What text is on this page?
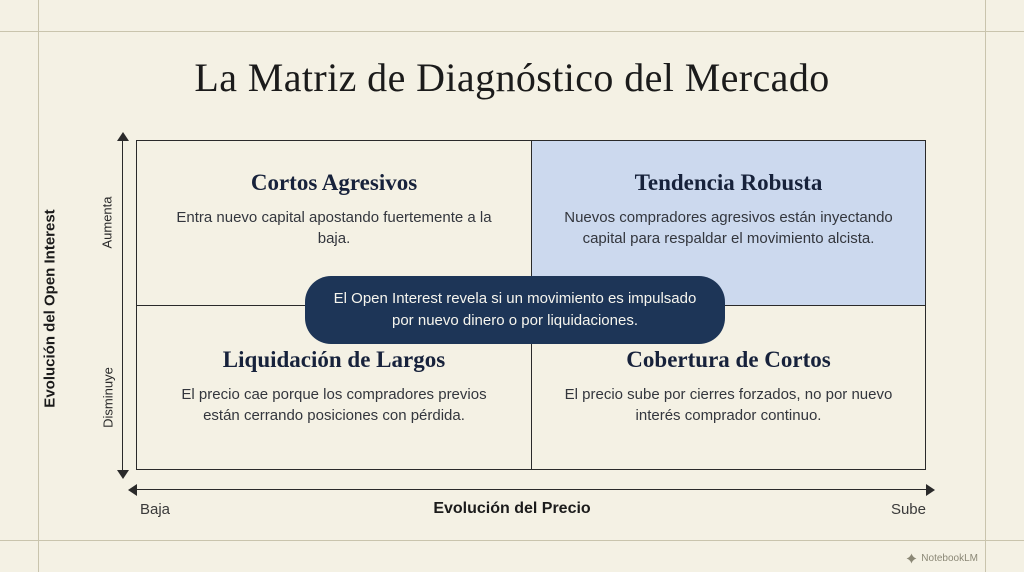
La Matriz de Diagnóstico del Mercado
Evolución del Open Interest	Aumenta
Disminuye
Evolución del Precio
Baja	Sube
Cortos Agresivos
Entra nuevo capital apostando fuertemente a la baja.
Tendencia Robusta
Nuevos compradores agresivos están inyectando capital para respaldar el movimiento alcista.
Liquidación de Largos
El precio cae porque los compradores previos están cerrando posiciones con pérdida.
Cobertura de Cortos
El precio sube por cierres forzados, no por nuevo interés comprador continuo.
El Open Interest revela si un movimiento es impulsado por nuevo dinero o por liquidaciones.
NotebookLM
